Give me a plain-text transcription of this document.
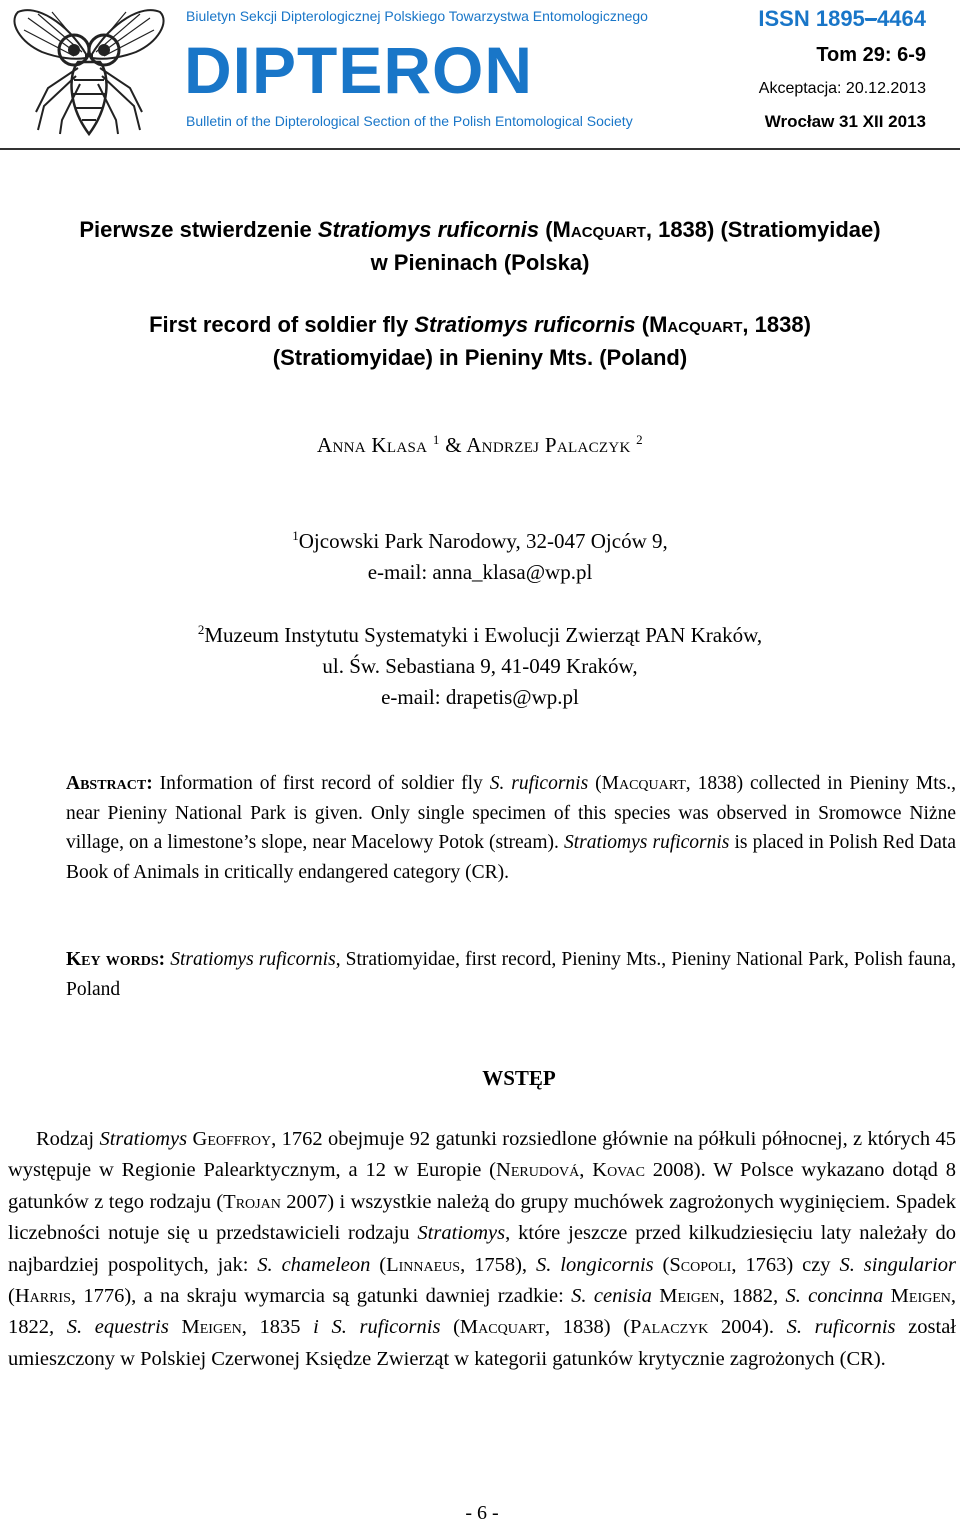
Biuletyn Sekcji Dipterologicznej Polskiego Towarzystwa Entomologicznego
DIPTERON
Bulletin of the Dipterological Section of the Polish Entomological Society
ISSN 1895–4464
Tom 29: 6-9
Akceptacja: 20.12.2013
Wrocław 31 XII 2013
Pierwsze stwierdzenie Stratiomys ruficornis (Macquart, 1838) (Stratiomyidae)
w Pieninach (Polska)
First record of soldier fly Stratiomys ruficornis (Macquart, 1838)
(Stratiomyidae) in Pieniny Mts. (Poland)
Anna Klasa $^1$ & Andrzej Palaczyk $^2$
$^1$Ojcowski Park Narodowy, 32-047 Ojców 9,
e-mail: anna_klasa@wp.pl
$^2$Muzeum Instytutu Systematyki i Ewolucji Zwierząt PAN Kraków,
ul. Św. Sebastiana 9, 41-049 Kraków,
e-mail: drapetis@wp.pl
Abstract: Information of first record of soldier fly S. ruficornis (Macquart, 1838) collected in Pieniny Mts., near Pieniny National Park is given. Only single specimen of this species was observed in Sromowce Niżne village, on a limestone’s slope, near Macelowy Potok (stream). Stratiomys ruficornis is placed in Polish Red Data Book of Animals in critically endangered category (CR).
Key words: Stratiomys ruficornis, Stratiomyidae, first record, Pieniny Mts., Pieniny National Park, Polish fauna, Poland
WSTĘP
Rodzaj Stratiomys Geoffroy, 1762 obejmuje 92 gatunki rozsiedlone głównie na półkuli północnej, z których 45 występuje w Regionie Palearktycznym, a 12 w Europie (Nerudová, Kovac 2008). W Polsce wykazano dotąd 8 gatunków z tego rodzaju (Trojan 2007) i wszystkie należą do grupy muchówek zagrożonych wyginięciem. Spadek liczebności notuje się u przedstawicieli rodzaju Stratiomys, które jeszcze przed kilkudziesięciu laty należały do najbardziej pospolitych, jak: S. chameleon (Linnaeus, 1758), S. longicornis (Scopoli, 1763) czy S. singularior (Harris, 1776), a na skraju wymarcia są gatunki dawniej rzadkie: S. cenisia Meigen, 1882, S. concinna Meigen, 1822, S. equestris Meigen, 1835 i S. ruficornis (Macquart, 1838) (Palaczyk 2004). S. ruficornis został umieszczony w Polskiej Czerwonej Księdze Zwierząt w kategorii gatunków krytycznie zagrożonych (CR).
- 6 -
